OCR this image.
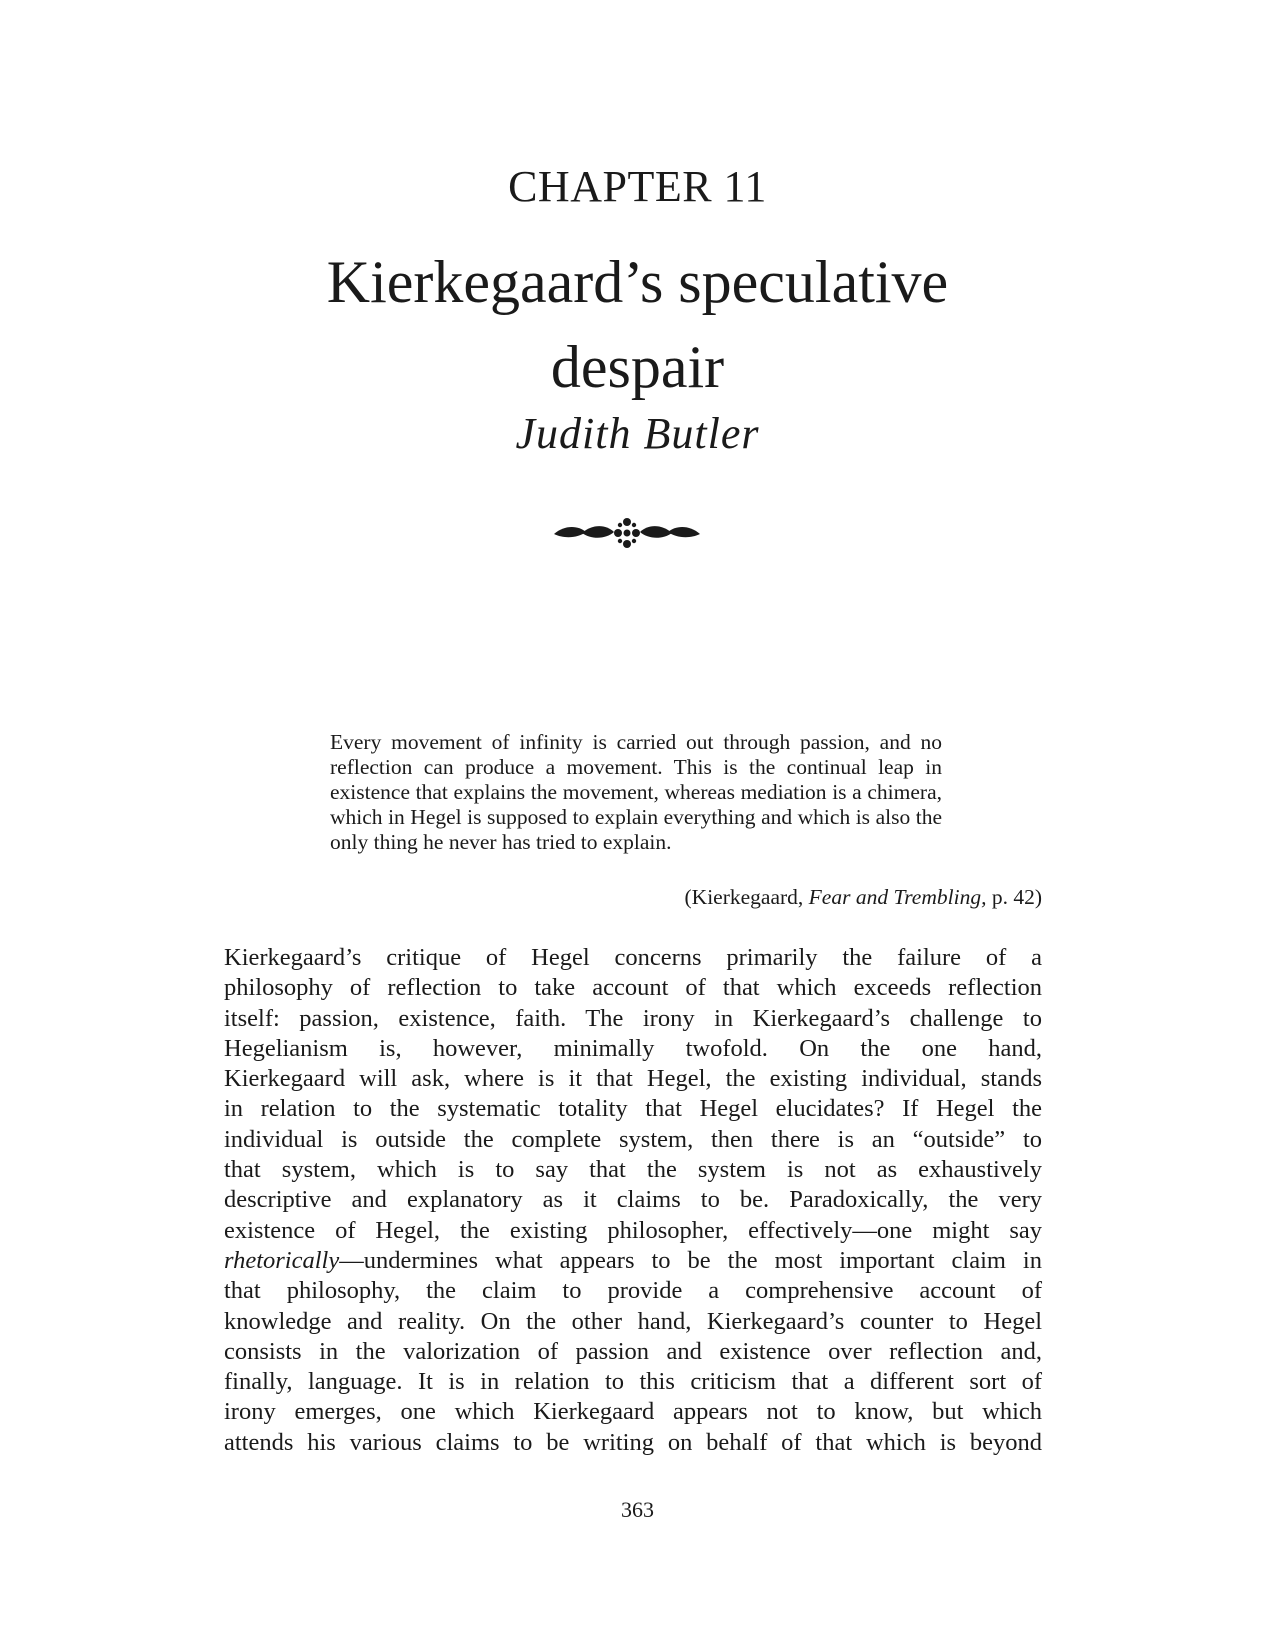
CHAPTER 11
Kierkegaard’s speculative
despair
Judith Butler

Every movement of infinity is carried out through passion, and no reflection can produce a movement. This is the continual leap in existence that explains the movement, whereas mediation is a chimera, which in Hegel is supposed to explain everything and which is also the only thing he never has tried to explain.

(Kierkegaard, Fear and Trembling, p. 42)
Kierkegaard’s critique of Hegel concerns primarily the failure of a
philosophy of reflection to take account of that which exceeds reflection
itself: passion, existence, faith. The irony in Kierkegaard’s challenge to
Hegelianism is, however, minimally twofold. On the one hand,
Kierkegaard will ask, where is it that Hegel, the existing individual, stands
in relation to the systematic totality that Hegel elucidates? If Hegel the
individual is outside the complete system, then there is an “outside” to
that system, which is to say that the system is not as exhaustively
descriptive and explanatory as it claims to be. Paradoxically, the very
existence of Hegel, the existing philosopher, effectively—one might say
rhetorically—undermines what appears to be the most important claim in
that philosophy, the claim to provide a comprehensive account of
knowledge and reality. On the other hand, Kierkegaard’s counter to Hegel
consists in the valorization of passion and existence over reflection and,
finally, language. It is in relation to this criticism that a different sort of
irony emerges, one which Kierkegaard appears not to know, but which
attends his various claims to be writing on behalf of that which is beyond
363
